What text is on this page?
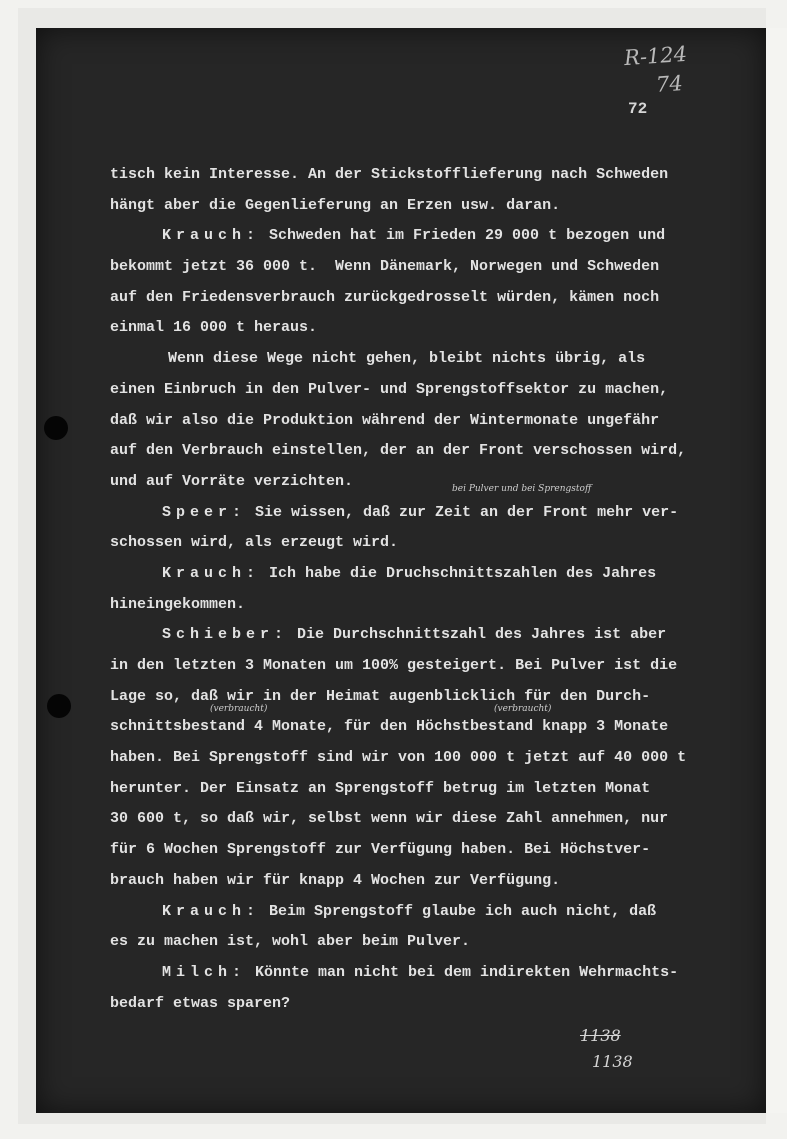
R-124
74
72
tisch kein Interesse. An der Stickstofflieferung nach Schweden
hängt aber die Gegenlieferung an Erzen usw. daran.
Krauch: Schweden hat im Frieden 29 000 t bezogen und
bekommt jetzt 36 000 t.  Wenn Dänemark, Norwegen und Schweden
auf den Friedensverbrauch zurückgedrosselt würden, kämen noch
einmal 16 000 t heraus.
Wenn diese Wege nicht gehen, bleibt nichts übrig, als
einen Einbruch in den Pulver- und Sprengstoffsektor zu machen,
daß wir also die Produktion während der Wintermonate ungefähr
auf den Verbrauch einstellen, der an der Front verschossen wird,
und auf Vorräte verzichten.
Speer: Sie wissen, daß zur Zeit an der Front mehr ver-
schossen wird, als erzeugt wird.
Krauch: Ich habe die Druchschnittszahlen des Jahres
hineingekommen.
Schieber: Die Durchschnittszahl des Jahres ist aber
in den letzten 3 Monaten um 100% gesteigert. Bei Pulver ist die
Lage so, daß wir in der Heimat augenblicklich für den Durch-
schnittsbestand 4 Monate, für den Höchstbestand knapp 3 Monate
haben. Bei Sprengstoff sind wir von 100 000 t jetzt auf 40 000 t
herunter. Der Einsatz an Sprengstoff betrug im letzten Monat
30 600 t, so daß wir, selbst wenn wir diese Zahl annehmen, nur
für 6 Wochen Sprengstoff zur Verfügung haben. Bei Höchstver-
brauch haben wir für knapp 4 Wochen zur Verfügung.
Krauch: Beim Sprengstoff glaube ich auch nicht, daß
es zu machen ist, wohl aber beim Pulver.
Milch: Könnte man nicht bei dem indirekten Wehrmachts-
bedarf etwas sparen?
bei Pulver und bei Sprengstoff
(verbraucht)	(verbraucht)
1138
1138
